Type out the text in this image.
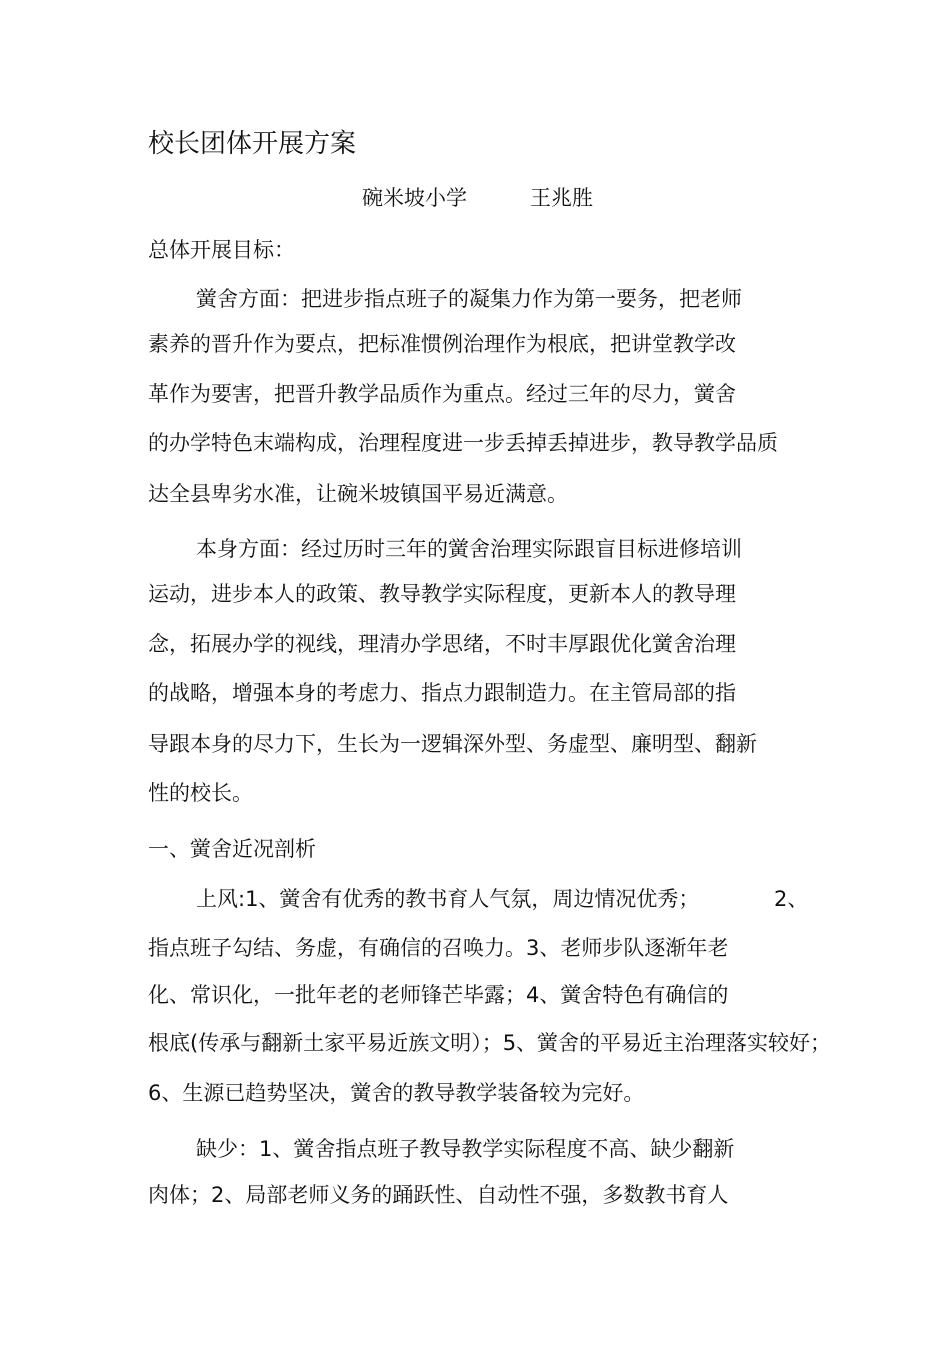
校长团体开展方案
碗米坡小学	王兆胜
总体开展目标：
黉舍方面：把进步指点班子的凝集力作为第一要务，把老师
素养的晋升作为要点，把标准惯例治理作为根底，把讲堂教学改
革作为要害，把晋升教学品质作为重点。经过三年的尽力，黉舍
的办学特色末端构成，治理程度进一步丢掉丢掉进步，教导教学品质
达全县卑劣水准，让碗米坡镇国平易近满意。
本身方面：经过历时三年的黉舍治理实际跟盲目标进修培训
运动，进步本人的政策、教导教学实际程度，更新本人的教导理
念，拓展办学的视线，理清办学思绪，不时丰厚跟优化黉舍治理
的战略，增强本身的考虑力、指点力跟制造力。在主管局部的指
导跟本身的尽力下，生长为一逻辑深外型、务虚型、廉明型、翻新
性的校长。
一、黉舍近况剖析
上风:1、黉舍有优秀的教书育人气氛，周边情况优秀；	2、
指点班子勾结、务虚，有确信的召唤力。3、老师步队逐渐年老
化、常识化，一批年老的老师锋芒毕露；4、黉舍特色有确信的
根底(传承与翻新土家平易近族文明）；5、黉舍的平易近主治理落实较好；
6、生源已趋势坚决，黉舍的教导教学装备较为完好。
缺少：1、黉舍指点班子教导教学实际程度不高、缺少翻新
肉体；2、局部老师义务的踊跃性、自动性不强，多数教书育人
